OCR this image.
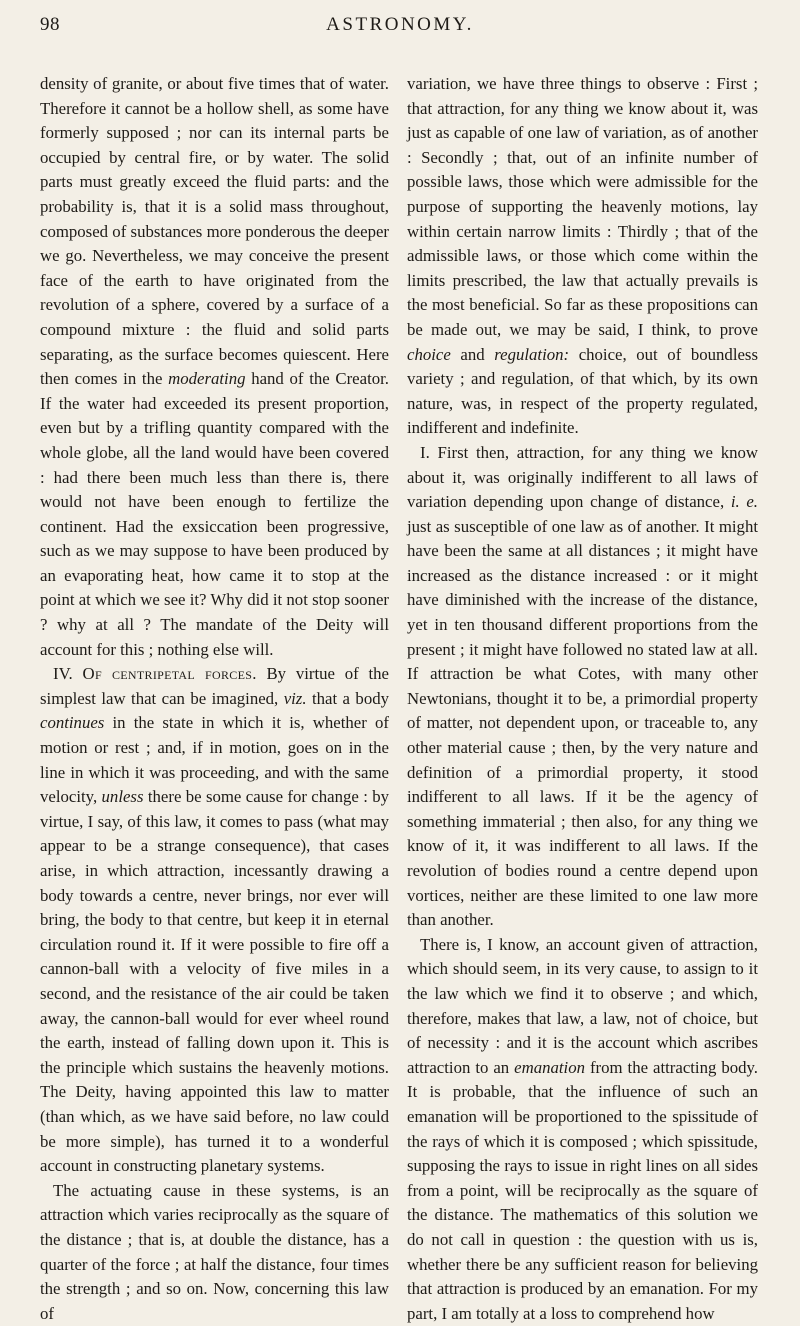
98	ASTRONOMY.

density of granite, or about five times that of water. Therefore it cannot be a hollow shell, as some have formerly supposed ; nor can its internal parts be occupied by central fire, or by water. The solid parts must greatly exceed the fluid parts: and the probability is, that it is a solid mass throughout, composed of substances more ponderous the deeper we go. Nevertheless, we may conceive the present face of the earth to have originated from the revolution of a sphere, covered by a surface of a compound mixture : the fluid and solid parts separating, as the surface becomes quiescent. Here then comes in the moderating hand of the Creator. If the water had exceeded its present proportion, even but by a trifling quantity compared with the whole globe, all the land would have been covered : had there been much less than there is, there would not have been enough to fertilize the continent. Had the exsiccation been progressive, such as we may suppose to have been produced by an evaporating heat, how came it to stop at the point at which we see it? Why did it not stop sooner ? why at all ? The mandate of the Deity will account for this ; nothing else will.

IV. Of centripetal forces. By virtue of the simplest law that can be imagined, viz. that a body continues in the state in which it is, whether of motion or rest ; and, if in motion, goes on in the line in which it was proceeding, and with the same velocity, unless there be some cause for change : by virtue, I say, of this law, it comes to pass (what may appear to be a strange consequence), that cases arise, in which attraction, incessantly drawing a body towards a centre, never brings, nor ever will bring, the body to that centre, but keep it in eternal circulation round it. If it were possible to fire off a cannon-ball with a velocity of five miles in a second, and the resistance of the air could be taken away, the cannon-ball would for ever wheel round the earth, instead of falling down upon it. This is the principle which sustains the heavenly motions. The Deity, having appointed this law to matter (than which, as we have said before, no law could be more simple), has turned it to a wonderful account in constructing planetary systems.

The actuating cause in these systems, is an attraction which varies reciprocally as the square of the distance ; that is, at double the distance, has a quarter of the force ; at half the distance, four times the strength ; and so on. Now, concerning this law of

variation, we have three things to observe : First ; that attraction, for any thing we know about it, was just as capable of one law of variation, as of another : Secondly ; that, out of an infinite number of possible laws, those which were admissible for the purpose of supporting the heavenly motions, lay within certain narrow limits : Thirdly ; that of the admissible laws, or those which come within the limits prescribed, the law that actually prevails is the most beneficial. So far as these propositions can be made out, we may be said, I think, to prove choice and regulation: choice, out of boundless variety ; and regulation, of that which, by its own nature, was, in respect of the property regulated, indifferent and indefinite.

I. First then, attraction, for any thing we know about it, was originally indifferent to all laws of variation depending upon change of distance, i. e. just as susceptible of one law as of another. It might have been the same at all distances ; it might have increased as the distance increased : or it might have diminished with the increase of the distance, yet in ten thousand different proportions from the present ; it might have followed no stated law at all. If attraction be what Cotes, with many other Newtonians, thought it to be, a primordial property of matter, not dependent upon, or traceable to, any other material cause ; then, by the very nature and definition of a primordial property, it stood indifferent to all laws. If it be the agency of something immaterial ; then also, for any thing we know of it, it was indifferent to all laws. If the revolution of bodies round a centre depend upon vortices, neither are these limited to one law more than another.

There is, I know, an account given of attraction, which should seem, in its very cause, to assign to it the law which we find it to observe ; and which, therefore, makes that law, a law, not of choice, but of necessity : and it is the account which ascribes attraction to an emanation from the attracting body. It is probable, that the influence of such an emanation will be proportioned to the spissitude of the rays of which it is composed ; which spissitude, supposing the rays to issue in right lines on all sides from a point, will be reciprocally as the square of the distance. The mathematics of this solution we do not call in question : the question with us is, whether there be any sufficient reason for believing that attraction is produced by an emanation. For my part, I am totally at a loss to comprehend how
